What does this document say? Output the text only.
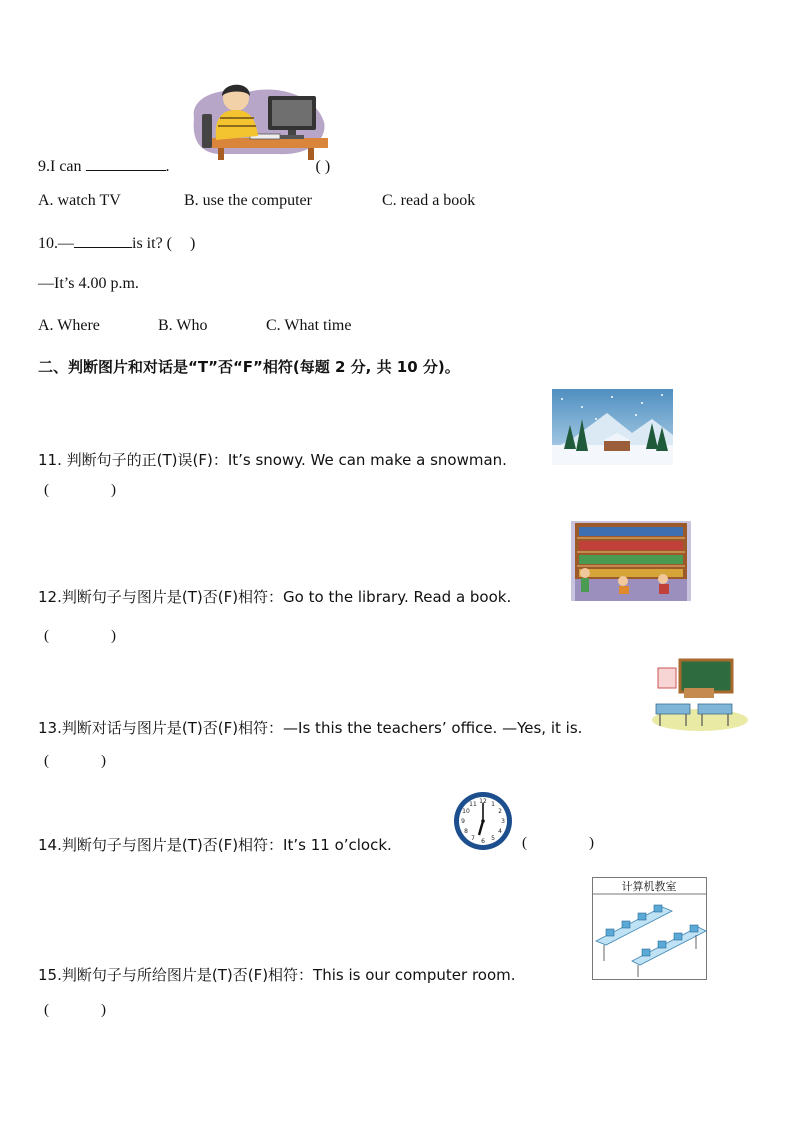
9.I can	.	( )
A. watch TV	B. use the computer	C. read a book
10.—	is it? ( )
—It’s 4.00 p.m.
A. Where	B. Who	C. What time
二、判断图片和对话是“T”否“F”相符(每题 2 分, 共 10 分)。
11. 判断句子的正(T)误(F)：It’s snowy. We can make a snowman.
(	)
12.判断句子与图片是(T)否(F)相符：Go to the library. Read a book.
(	)
13.判断对话与图片是(T)否(F)相符：—Is this the teachers’ office. —Yes, it is.
(	)
12 1
2
3
4
5
6
7
8
9
10
11
14.判断句子与图片是(T)否(F)相符：It’s 11 o’clock.	(	)
计算机教室
15.判断句子与所给图片是(T)否(F)相符：This is our computer room.
(	)
